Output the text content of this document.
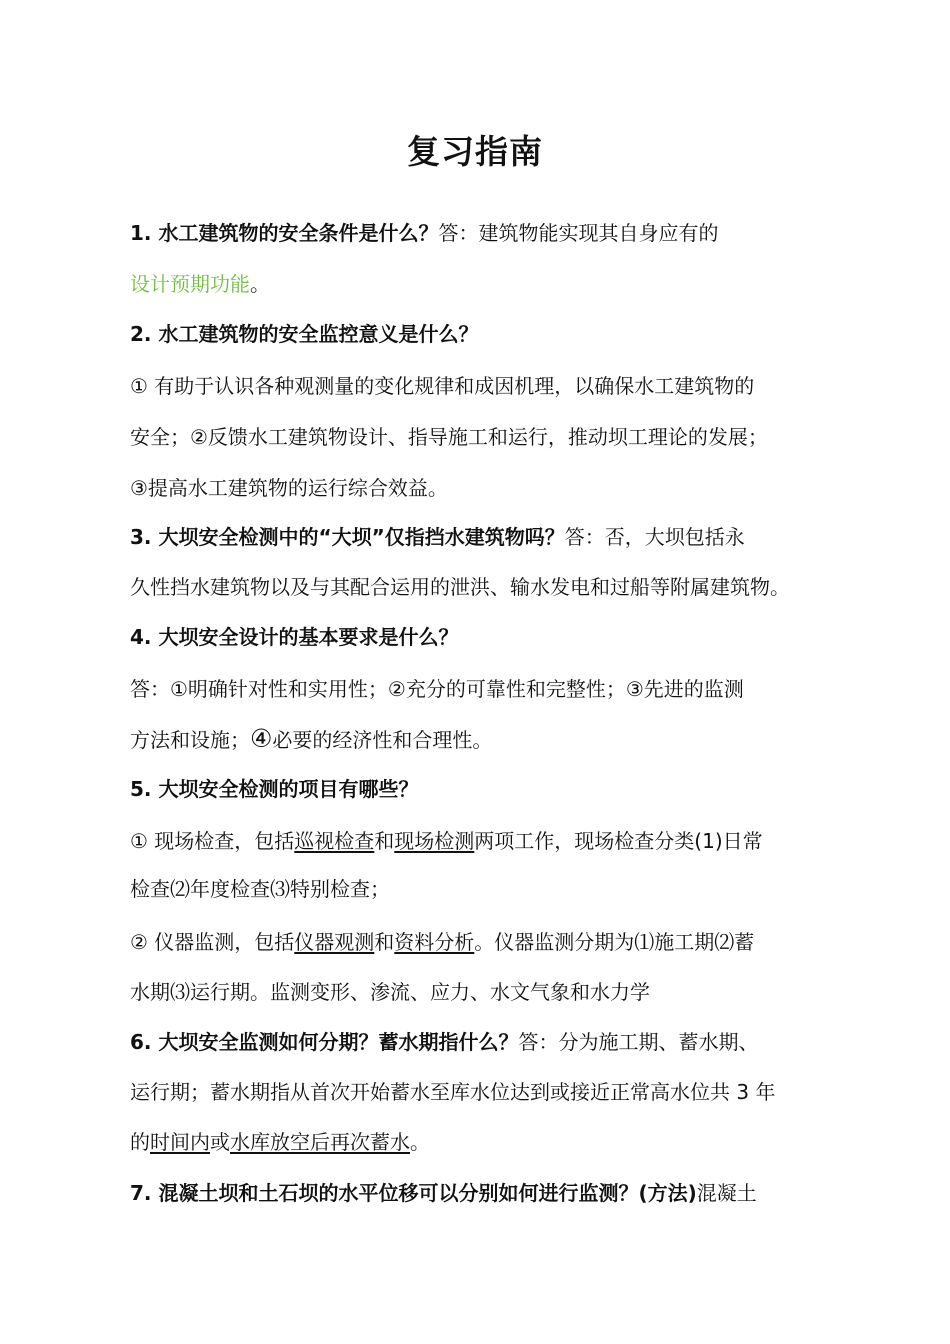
复习指南
1. 水工建筑物的安全条件是什么？答：建筑物能实现其自身应有的
设计预期功能。
2. 水工建筑物的安全监控意义是什么？
① 有助于认识各种观测量的变化规律和成因机理，以确保水工建筑物的
安全；②反馈水工建筑物设计、指导施工和运行，推动坝工理论的发展；
③提高水工建筑物的运行综合效益。
3. 大坝安全检测中的“大坝”仅指挡水建筑物吗？答：否，大坝包括永
久性挡水建筑物以及与其配合运用的泄洪、输水发电和过船等附属建筑物。
4. 大坝安全设计的基本要求是什么？
答：①明确针对性和实用性；②充分的可靠性和完整性；③先进的监测
方法和设施；④必要的经济性和合理性。
5. 大坝安全检测的项目有哪些？
① 现场检查，包括巡视检查和现场检测两项工作，现场检查分类(1)日常
检查⑵年度检查⑶特别检查；
② 仪器监测，包括仪器观测和资料分析。仪器监测分期为⑴施工期⑵蓄
水期⑶运行期。监测变形、渗流、应力、水文气象和水力学
6. 大坝安全监测如何分期？蓄水期指什么？答：分为施工期、蓄水期、
运行期；蓄水期指从首次开始蓄水至库水位达到或接近正常高水位共 3 年
的时间内或水库放空后再次蓄水。
7. 混凝土坝和土石坝的水平位移可以分别如何进行监测？(方法)混凝土
